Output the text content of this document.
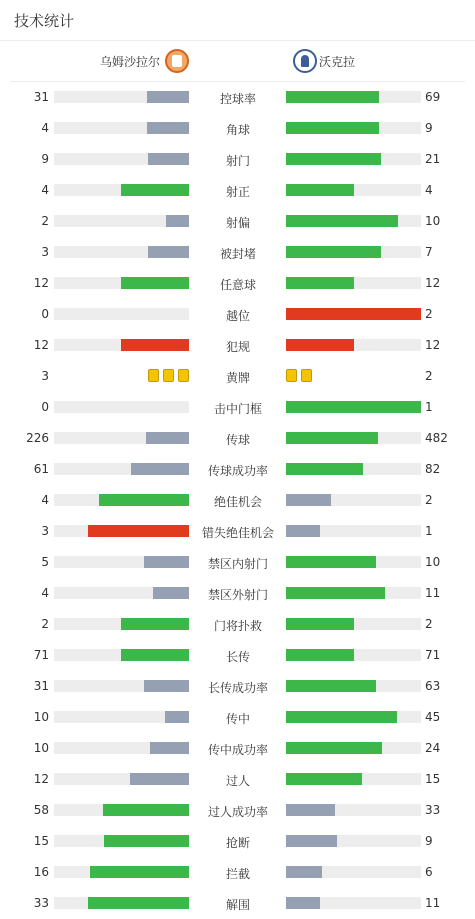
技术统计
乌姆沙拉尔	沃克拉
31	控球率	69
4	角球	9
9	射门	21
4	射正	4
2	射偏	10
3	被封堵	7
12	任意球	12
0	越位	2
12	犯规	12
3	黄牌	2
0	击中门框	1
226	传球	482
61	传球成功率	82
4	绝佳机会	2
3	错失绝佳机会	1
5	禁区内射门	10
4	禁区外射门	11
2	门将扑救	2
71	长传	71
31	长传成功率	63
10	传中	45
10	传中成功率	24
12	过人	15
58	过人成功率	33
15	抢断	9
16	拦截	6
33	解围	11
